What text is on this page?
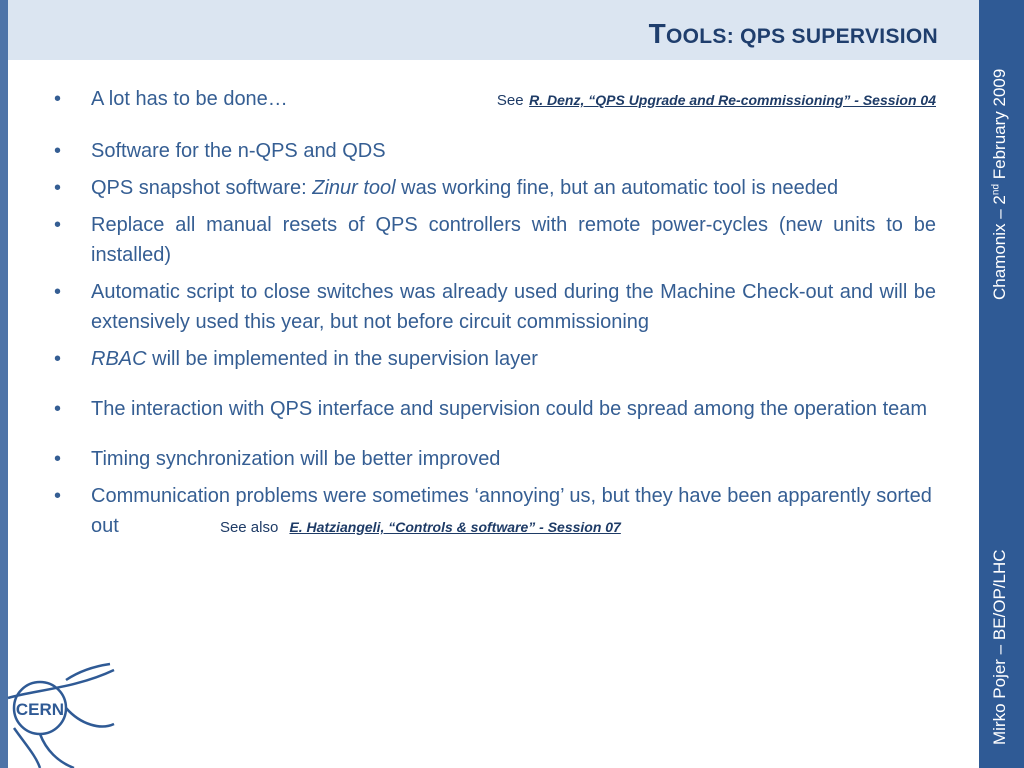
TOOLS: QPS SUPERVISION
Chamonix – 2nd February 2009
Mirko Pojer – BE/OP/LHC
• A lot has to be done…	See
R. Denz, “QPS Upgrade and Re-commissioning” - Session 04
• Software for the n-QPS and QDS
• QPS snapshot software: Zinur tool was working fine, but an automatic tool is needed
• Replace all manual resets of QPS controllers with remote power-cycles (new units to be installed)
• Automatic script to close switches was already used during the Machine Check-out and will be extensively used this year, but not before circuit commissioning
• RBAC will be implemented in the supervision layer
• The interaction with QPS interface and supervision could be spread among the operation team
• Timing synchronization will be better improved
• Communication problems were sometimes ‘annoying’ us, but they have been apparently sorted out	See also E. Hatziangeli, “Controls & software” - Session 07
CERN
